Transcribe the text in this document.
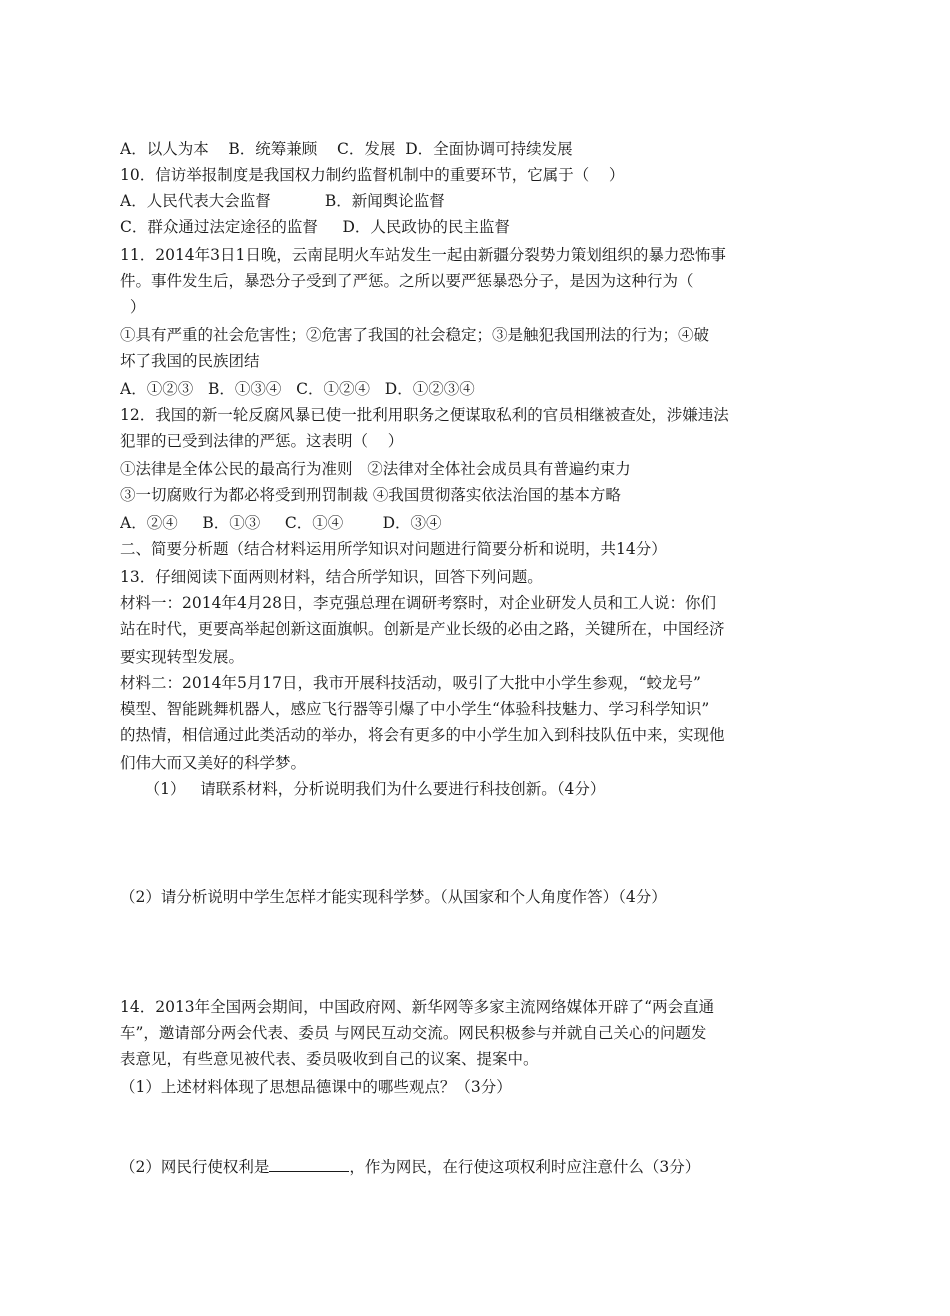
A．以人为本    B．统筹兼顾    C．发展  D．全面协调可持续发展
10．信访举报制度是我国权力制约监督机制中的重要环节，它属于（    ）
A．人民代表大会监督           B．新闻舆论监督
C．群众通过法定途径的监督     D．人民政协的民主监督
11．2014年3日1日晚，云南昆明火车站发生一起由新疆分裂势力策划组织的暴力恐怖事
件。事件发生后，暴恐分子受到了严惩。之所以要严惩暴恐分子，是因为这种行为（
）
①具有严重的社会危害性；②危害了我国的社会稳定；③是触犯我国刑法的行为；④破
坏了我国的民族团结
A．①②③   B．①③④   C．①②④   D．①②③④
12．我国的新一轮反腐风暴已使一批利用职务之便谋取私利的官员相继被查处，涉嫌违法
犯罪的已受到法律的严惩。这表明（    ）
①法律是全体公民的最高行为准则   ②法律对全体社会成员具有普遍约束力
③一切腐败行为都必将受到刑罚制裁 ④我国贯彻落实依法治国的基本方略
A．②④     B．①③     C．①④        D．③④
二、简要分析题（结合材料运用所学知识对问题进行简要分析和说明，共14分）
13．仔细阅读下面两则材料，结合所学知识，回答下列问题。
材料一：2014年4月28日，李克强总理在调研考察时，对企业研发人员和工人说：你们
站在时代，更要高举起创新这面旗帜。创新是产业长级的必由之路，关键所在，中国经济
要实现转型发展。
材料二：2014年5月17日，我市开展科技活动，吸引了大批中小学生参观，“蛟龙号”
模型、智能跳舞机器人，感应飞行器等引爆了中小学生“体验科技魅力、学习科学知识”
的热情，相信通过此类活动的举办，将会有更多的中小学生加入到科技队伍中来，实现他
们伟大而又美好的科学梦。
（1）   请联系材料，分析说明我们为什么要进行科技创新。（4分）
（2）请分析说明中学生怎样才能实现科学梦。（从国家和个人角度作答）（4分）
14．2013年全国两会期间，中国政府网、新华网等多家主流网络媒体开辟了“两会直通
车”，邀请部分两会代表、委员 与网民互动交流。网民积极参与并就自己关心的问题发
表意见，有些意见被代表、委员吸收到自己的议案、提案中。
（1）上述材料体现了思想品德课中的哪些观点？（3分）
（2）网民行使权利是	，作为网民，在行使这项权利时应注意什么（3分）
